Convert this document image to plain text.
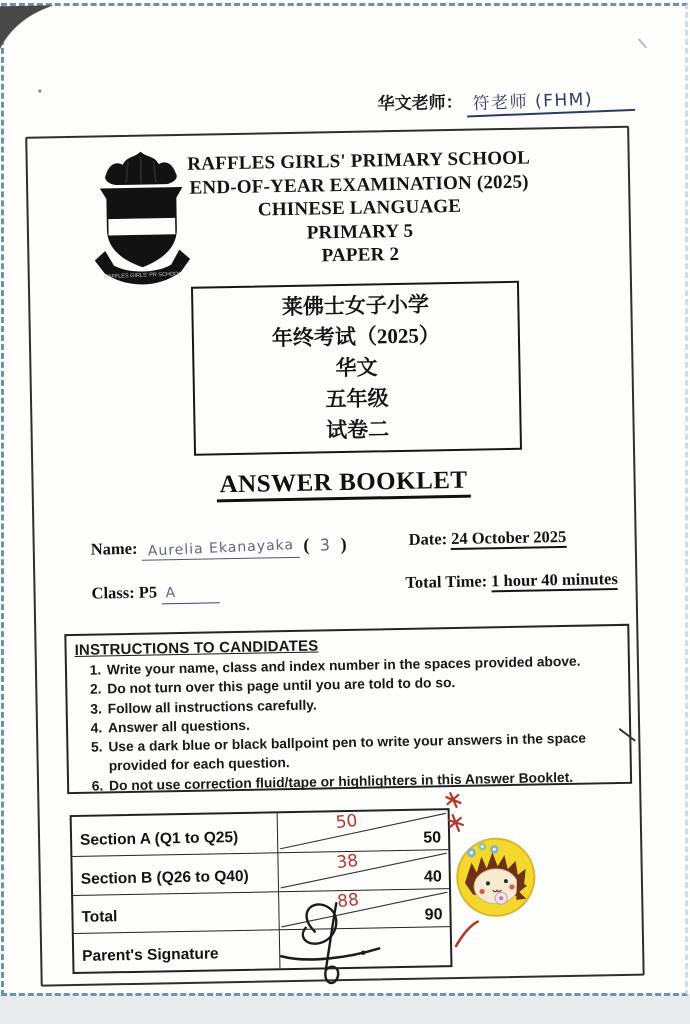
华文老师： 符老师 (FHM)
RAFFLES GIRLS' PR SCHOOL
RAFFLES GIRLS' PRIMARY SCHOOL
END-OF-YEAR EXAMINATION (2025)
CHINESE LANGUAGE
PRIMARY 5
PAPER 2
莱佛士女子小学
年终考试（2025）
华文
五年级
试卷二
ANSWER BOOKLET
Name: Aurelia Ekanayaka ( 3 )	Date: 24 October 2025
Class: P5 A
Total Time: 1 hour 40 minutes
INSTRUCTIONS TO CANDIDATES
1. Write your name, class and index number in the spaces provided above.
2. Do not turn over this page until you are told to do so.
3. Follow all instructions carefully.
4. Answer all questions.
5. Use a dark blue or black ballpoint pen to write your answers in the space provided for each question.
6. Do not use correction fluid/tape or highlighters in this Answer Booklet.
Section A (Q1 to Q25)
50
50
Section B (Q26 to Q40)
38
40
Total
88
90
Parent's Signature
